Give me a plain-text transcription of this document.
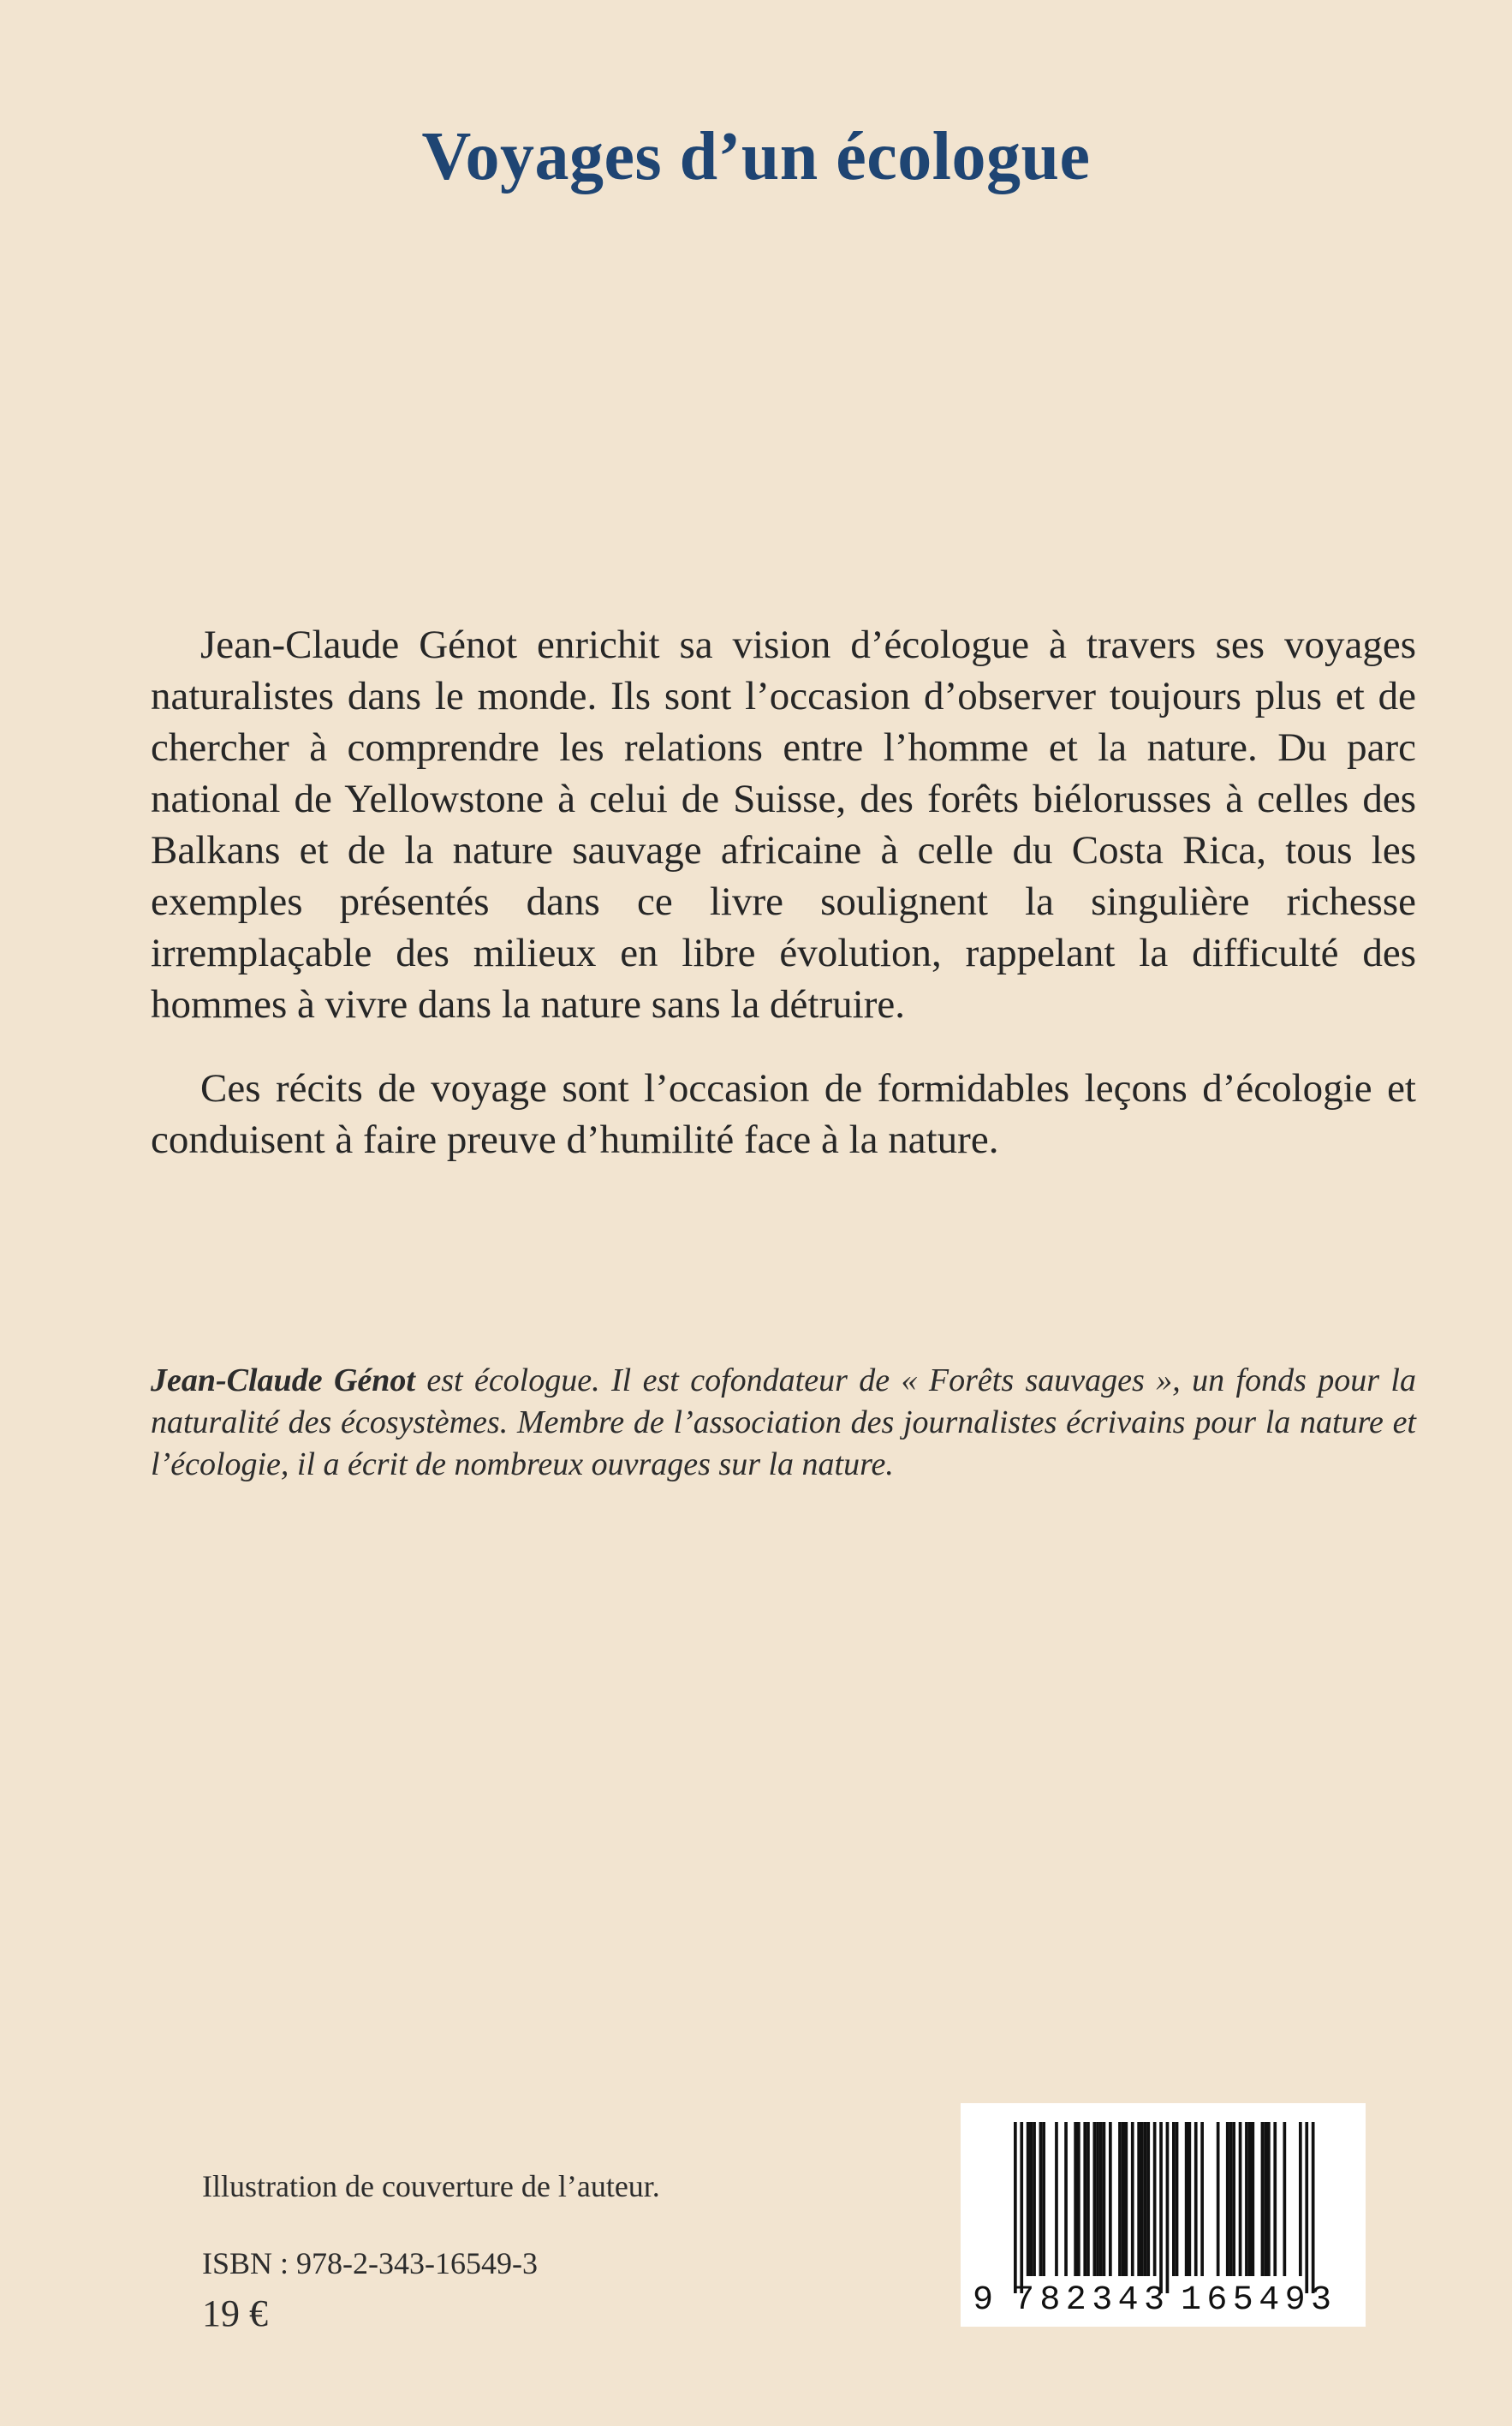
Voyages d’un écologue

Jean-Claude Génot enrichit sa vision d’écologue à travers ses voyages naturalistes dans le monde. Ils sont l’occasion d’observer toujours plus et de chercher à comprendre les relations entre l’homme et la nature. Du parc national de Yellowstone à celui de Suisse, des forêts biélorusses à celles des Balkans et de la nature sauvage africaine à celle du Costa Rica, tous les exemples présentés dans ce livre soulignent la singulière richesse irremplaçable des milieux en libre évolution, rappelant la difficulté des hommes à vivre dans la nature sans la détruire.

Ces récits de voyage sont l’occasion de formidables leçons d’écologie et conduisent à faire preuve d’humilité face à la nature.

Jean-Claude Génot est écologue. Il est cofondateur de « Forêts sauvages », un fonds pour la naturalité des écosystèmes. Membre de l’association des journalistes écrivains pour la nature et l’écologie, il a écrit de nombreux ouvrages sur la nature.
Illustration de couverture de l’auteur.
ISBN : 978-2-343-16549-3
19 €	9 782343 165493
